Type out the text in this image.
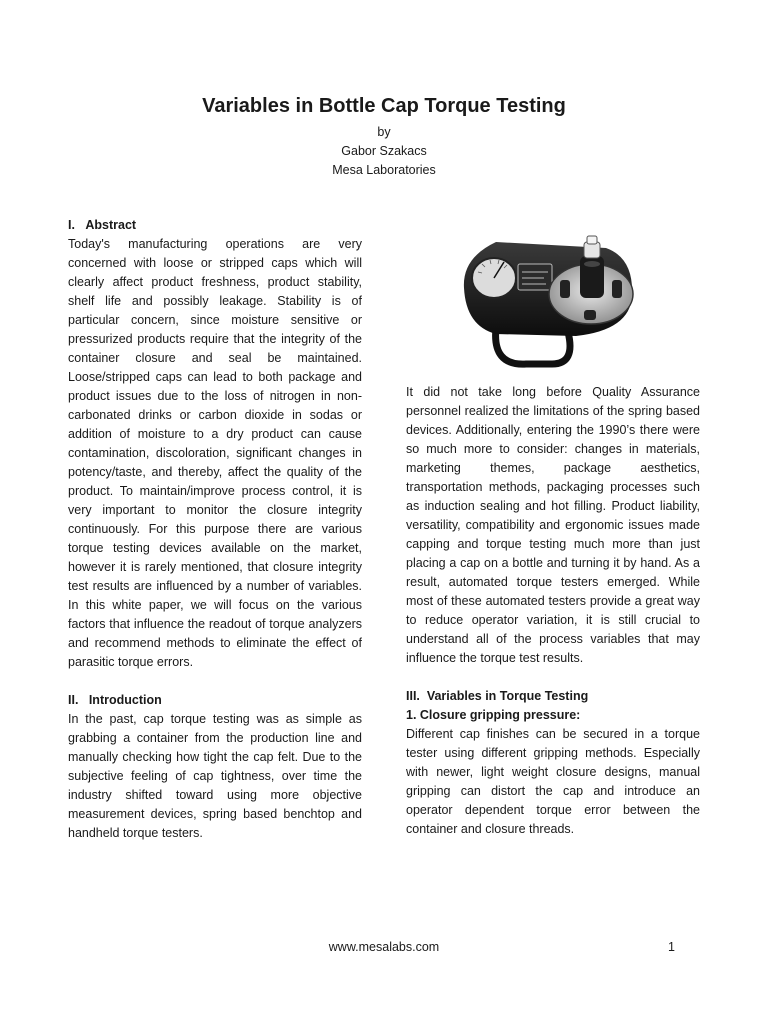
Variables in Bottle Cap Torque Testing
by
Gabor Szakacs
Mesa Laboratories

I.   Abstract

Today's manufacturing operations are very concerned with loose or stripped caps which will clearly affect product freshness, product stability, shelf life and possibly leakage. Stability is of particular concern, since moisture sensitive or pressurized products require that the integrity of the container closure and seal be maintained. Loose/stripped caps can lead to both package and product issues due to the loss of nitrogen in non-carbonated drinks or carbon dioxide in sodas or addition of moisture to a dry product can cause contamination, discoloration, significant changes in potency/taste, and thereby, affect the quality of the product. To maintain/improve process control, it is very important to monitor the closure integrity continuously. For this purpose there are various torque testing devices available on the market, however it is rarely mentioned, that closure integrity test results are influenced by a number of variables. In this white paper, we will focus on the various factors that influence the readout of torque analyzers and recommend methods to eliminate the effect of parasitic torque errors.

II.   Introduction

In the past, cap torque testing was as simple as grabbing a container from the production line and manually checking how tight the cap felt. Due to the subjective feeling of cap tightness, over time the industry shifted toward using more objective measurement devices, spring based benchtop and handheld torque testers.

It did not take long before Quality Assurance personnel realized the limitations of the spring based devices. Additionally, entering the 1990’s there were so much more to consider: changes in materials, marketing themes, package aesthetics, transportation methods, packaging processes such as induction sealing and hot filling. Product liability, versatility, compatibility and ergonomic issues made capping and torque testing much more than just placing a cap on a bottle and turning it by hand. As a result, automated torque testers emerged. While most of these automated testers provide a great way to reduce operator variation, it is still crucial to understand all of the process variables that may influence the torque test results.

III.  Variables in Torque Testing

1. Closure gripping pressure:

Different cap finishes can be secured in a torque tester using different gripping methods. Especially with newer, light weight closure designs, manual gripping can distort the cap and introduce an operator dependent torque error between the container and closure threads.

www.mesalabs.com	1
